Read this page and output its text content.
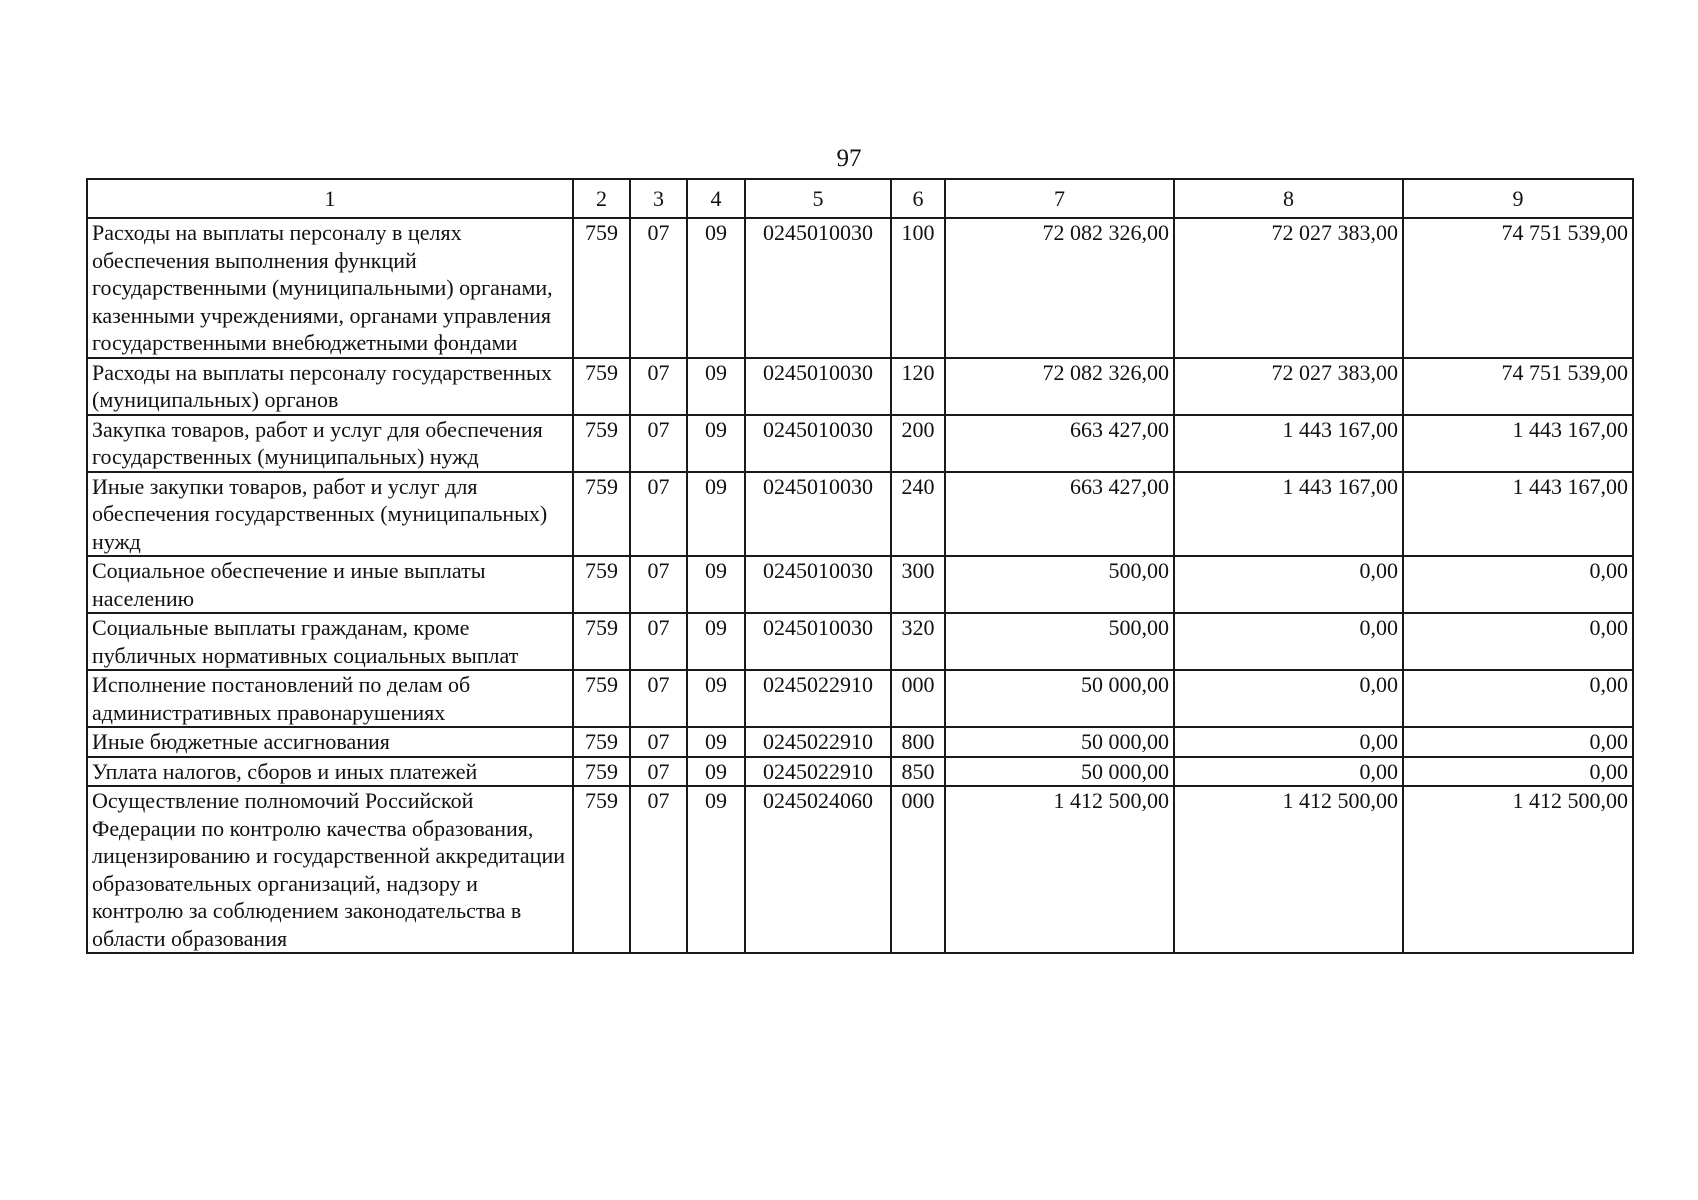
97
1	2	3	4	5	6	7	8	9
Расходы на выплаты персоналу в целях обеспечения выполнения функций государственными (муниципальными) органами, казенными учреждениями, органами управления государственными внебюджетными фондами	759	07	09	0245010030	100	72 082 326,00	72 027 383,00	74 751 539,00
Расходы на выплаты персоналу государственных (муниципальных) органов	759	07	09	0245010030	120	72 082 326,00	72 027 383,00	74 751 539,00
Закупка товаров, работ и услуг для обеспечения государственных (муниципальных) нужд	759	07	09	0245010030	200	663 427,00	1 443 167,00	1 443 167,00
Иные закупки товаров, работ и услуг для обеспечения государственных (муниципальных) нужд	759	07	09	0245010030	240	663 427,00	1 443 167,00	1 443 167,00
Социальное обеспечение и иные выплаты населению	759	07	09	0245010030	300	500,00	0,00	0,00
Социальные выплаты гражданам, кроме публичных нормативных социальных выплат	759	07	09	0245010030	320	500,00	0,00	0,00
Исполнение постановлений по делам об административных правонарушениях	759	07	09	0245022910	000	50 000,00	0,00	0,00
Иные бюджетные ассигнования	759	07	09	0245022910	800	50 000,00	0,00	0,00
Уплата налогов, сборов и иных платежей	759	07	09	0245022910	850	50 000,00	0,00	0,00
Осуществление полномочий Российской Федерации по контролю качества образования, лицензированию и государственной аккредитации образовательных организаций, надзору и контролю за соблюдением законодательства в области образования	759	07	09	0245024060	000	1 412 500,00	1 412 500,00	1 412 500,00
